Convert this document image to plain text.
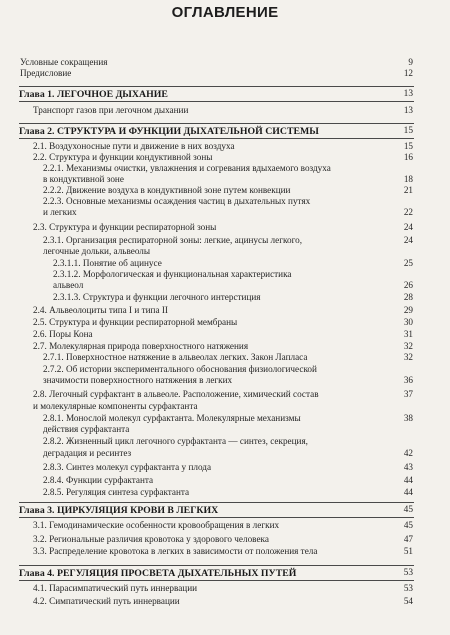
ОГЛАВЛЕНИЕ
Условные сокращения	9
Предисловие	12
Глава 1. ЛЕГОЧНОЕ ДЫХАНИЕ	13
Транспорт газов при легочном дыхании	13
Глава 2. СТРУКТУРА И ФУНКЦИИ ДЫХАТЕЛЬНОЙ СИСТЕМЫ	15
2.1. Воздухоносные пути и движение в них воздуха	15
2.2. Структура и функции кондуктивной зоны	16
2.2.1. Механизмы очистки, увлажнения и согревания вдыхаемого воздуха
в кондуктивной зоне	18
2.2.2. Движение воздуха в кондуктивной зоне путем конвекции	21
2.2.3. Основные механизмы осаждения частиц в дыхательных путях
и легких	22
2.3. Структура и функции респираторной зоны	24
2.3.1. Организация респираторной зоны: легкие, ацинусы легкого,	24
легочные дольки, альвеолы
2.3.1.1. Понятие об ацинусе	25
2.3.1.2. Морфологическая и функциональная характеристика
альвеол	26
2.3.1.3. Структура и функции легочного интерстиция	28
2.4. Альвеолоциты типа I и типа II	29
2.5. Структура и функции респираторной мембраны	30
2.6. Поры Кона	31
2.7. Молекулярная природа поверхностного натяжения	32
2.7.1. Поверхностное натяжение в альвеолах легких. Закон Лапласа	32
2.7.2. Об истории экспериментального обоснования физиологической
значимости поверхностного натяжения в легких	36
2.8. Легочный сурфактант в альвеоле. Расположение, химический состав	37
и молекулярные компоненты сурфактанта
2.8.1. Монослой молекул сурфактанта. Молекулярные механизмы	38
действия сурфактанта
2.8.2. Жизненный цикл легочного сурфактанта — синтез, секреция,
деградация и ресинтез	42
2.8.3. Синтез молекул сурфактанта у плода	43
2.8.4. Функции сурфактанта	44
2.8.5. Регуляция синтеза сурфактанта	44
Глава 3. ЦИРКУЛЯЦИЯ КРОВИ В ЛЕГКИХ	45
3.1. Гемодинамические особенности кровообращения в легких	45
3.2. Региональные различия кровотока у здорового человека	47
3.3. Распределение кровотока в легких в зависимости от положения тела	51
Глава 4. РЕГУЛЯЦИЯ ПРОСВЕТА ДЫХАТЕЛЬНЫХ ПУТЕЙ	53
4.1. Парасимпатический путь иннервации	53
4.2. Симпатический путь иннервации	54
